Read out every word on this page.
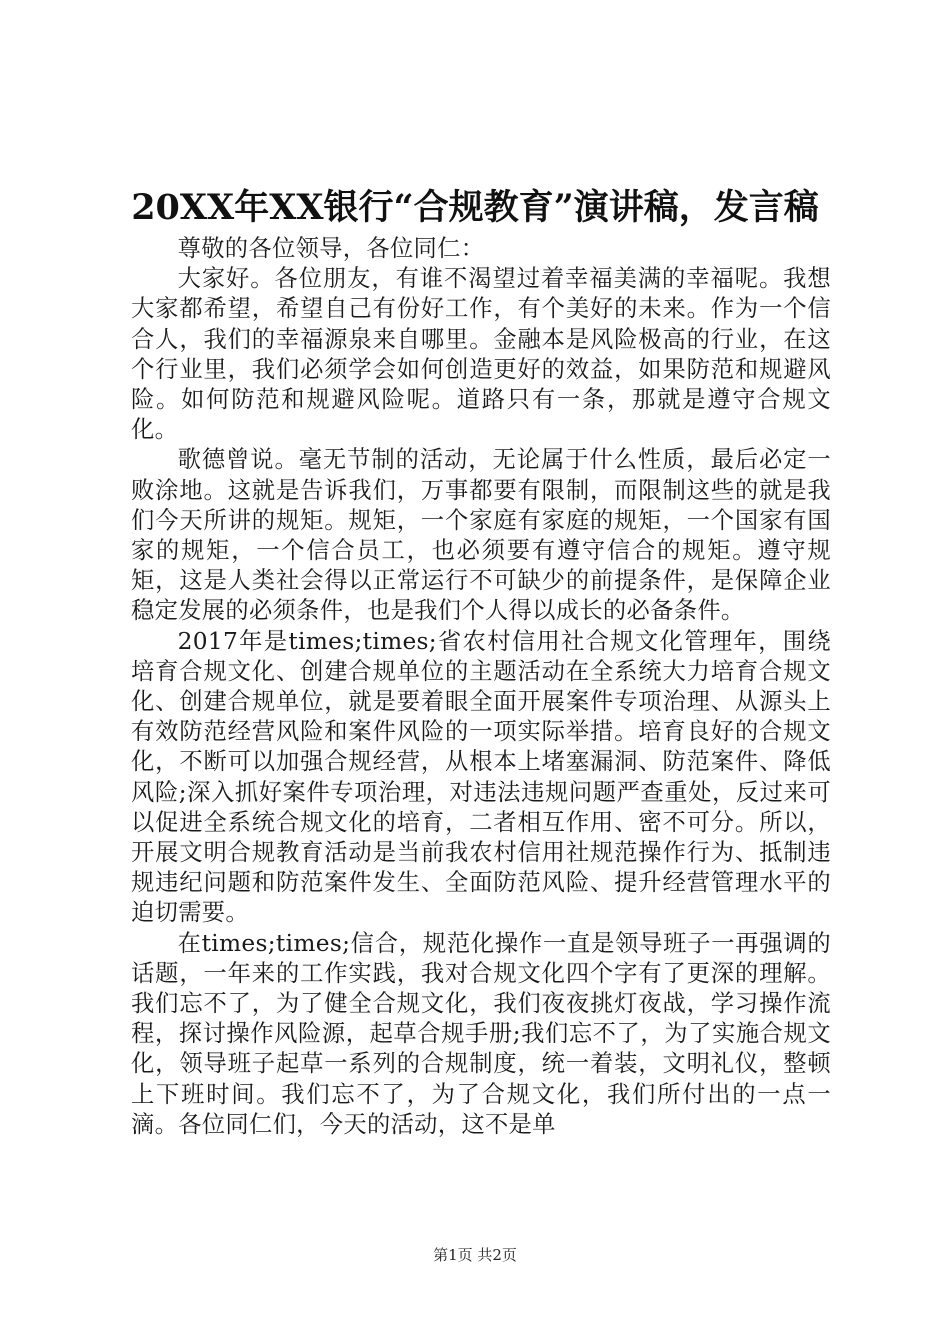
20XX年XX银行“合规教育”演讲稿，发言稿

尊敬的各位领导，各位同仁：

大家好。各位朋友，有谁不渴望过着幸福美满的幸福呢。我想大家都希望，希望自己有份好工作，有个美好的未来。作为一个信合人，我们的幸福源泉来自哪里。金融本是风险极高的行业，在这个行业里，我们必须学会如何创造更好的效益，如果防范和规避风险。如何防范和规避风险呢。道路只有一条，那就是遵守合规文化。

歌德曾说。毫无节制的活动，无论属于什么性质，最后必定一败涂地。这就是告诉我们，万事都要有限制，而限制这些的就是我们今天所讲的规矩。规矩，一个家庭有家庭的规矩，一个国家有国家的规矩，一个信合员工，也必须要有遵守信合的规矩。遵守规矩，这是人类社会得以正常运行不可缺少的前提条件，是保障企业稳定发展的必须条件，也是我们个人得以成长的必备条件。

2017年是times;times;省农村信用社合规文化管理年，围绕培育合规文化、创建合规单位的主题活动在全系统大力培育合规文化、创建合规单位，就是要着眼全面开展案件专项治理、从源头上有效防范经营风险和案件风险的一项实际举措。培育良好的合规文化，不断可以加强合规经营，从根本上堵塞漏洞、防范案件、降低风险;深入抓好案件专项治理，对违法违规问题严查重处，反过来可以促进全系统合规文化的培育，二者相互作用、密不可分。所以，开展文明合规教育活动是当前我农村信用社规范操作行为、抵制违规违纪问题和防范案件发生、全面防范风险、提升经营管理水平的迫切需要。

在times;times;信合，规范化操作一直是领导班子一再强调的话题，一年来的工作实践，我对合规文化四个字有了更深的理解。我们忘不了，为了健全合规文化，我们夜夜挑灯夜战，学习操作流程，探讨操作风险源，起草合规手册;我们忘不了，为了实施合规文化，领导班子起草一系列的合规制度，统一着装，文明礼仪，整顿上下班时间。我们忘不了，为了合规文化，我们所付出的一点一滴。各位同仁们，今天的活动，这不是单

第1页 共2页
